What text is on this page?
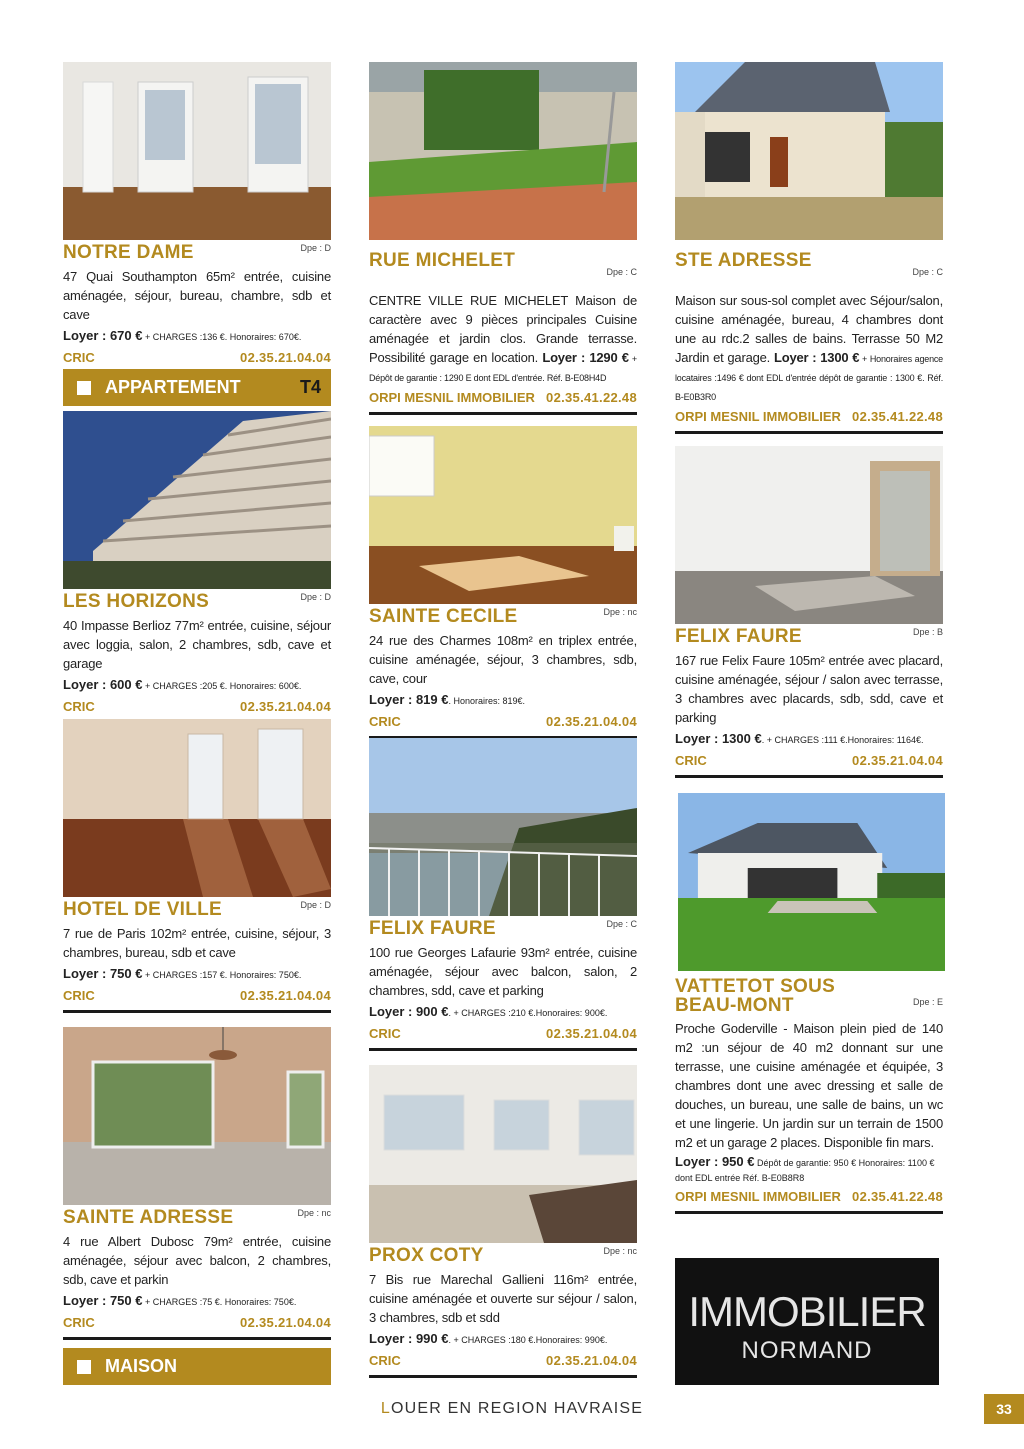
NOTRE DAME	Dpe : D
47 Quai Southampton 65m² entrée, cuisine aménagée, séjour, bureau, chambre, sdb et cave
Loyer : 670 € + CHARGES :136 €. Honoraires: 670€.
CRIC	02.35.21.04.04
APPARTEMENT	T4
LES HORIZONS	Dpe : D
40 Impasse Berlioz 77m² entrée, cuisine, séjour avec loggia, salon, 2 chambres, sdb, cave et garage
Loyer : 600 € + CHARGES :205 €. Honoraires: 600€.
CRIC	02.35.21.04.04
HOTEL DE VILLE	Dpe : D
7 rue de Paris 102m² entrée, cuisine, séjour, 3 chambres, bureau, sdb et cave
Loyer : 750 € + CHARGES :157 €. Honoraires: 750€.
CRIC	02.35.21.04.04
SAINTE ADRESSE	Dpe : nc
4 rue Albert Dubosc 79m² entrée, cuisine aménagée, séjour avec balcon, 2 chambres, sdb, cave et parkin
Loyer : 750 € + CHARGES :75 €. Honoraires: 750€.
CRIC	02.35.21.04.04
MAISON
RUE MICHELET
Dpe : C
CENTRE VILLE RUE MICHELET Maison de caractère avec 9 pièces principales Cuisine aménagée et jardin clos. Grande terrasse. Possibilité garage en location. Loyer : 1290 € + Dépôt de garantie : 1290 E dont EDL d'entrée. Réf. B-E08H4D
ORPI MESNIL IMMOBILIER 02.35.41.22.48
SAINTE CECILE	Dpe : nc
24 rue des Charmes 108m² en triplex entrée, cuisine aménagée, séjour, 3 chambres, sdb, cave, cour
Loyer : 819 €. Honoraires: 819€.
CRIC	02.35.21.04.04
FELIX FAURE	Dpe : C
100 rue Georges Lafaurie 93m² entrée, cuisine aménagée, séjour avec balcon, salon, 2 chambres, sdd, cave et parking
Loyer : 900 €. + CHARGES :210 €.Honoraires: 900€.
CRIC	02.35.21.04.04
PROX COTY	Dpe : nc
7 Bis rue Marechal Gallieni 116m² entrée, cuisine aménagée et ouverte sur séjour / salon, 3 chambres, sdb et sdd
Loyer : 990 €. + CHARGES :180 €.Honoraires: 990€.
CRIC	02.35.21.04.04
STE ADRESSE
Dpe : C
Maison sur sous-sol complet avec Séjour/salon, cuisine aménagée, bureau, 4 chambres dont une au rdc.2 salles de bains. Terrasse 50 M2 Jardin et garage. Loyer : 1300 € + Honoraires agence locataires :1496 € dont EDL d'entrée dépôt de garantie : 1300 €. Réf. B-E0B3R0
ORPI MESNIL IMMOBILIER 02.35.41.22.48
FELIX FAURE	Dpe : B
167 rue Felix Faure 105m² entrée avec placard, cuisine aménagée, séjour / salon avec terrasse, 3 chambres avec placards, sdb, sdd, cave et parking
Loyer : 1300 €. + CHARGES :111 €.Honoraires: 1164€.
CRIC	02.35.21.04.04
VATTETOT SOUS BEAU-MONT	Dpe : E
Proche Goderville - Maison plein pied de 140 m2 :un séjour de 40 m2 donnant sur une terrasse, une cuisine aménagée et équipée, 3 chambres dont une avec dressing et salle de douches, un bureau, une salle de bains, un wc et une lingerie. Un jardin sur un terrain de 1500 m2 et un garage 2 places. Disponible fin mars.
Loyer : 950 € Dépôt de garantie: 950 € Honoraires: 1100 € dont EDL entrée Réf. B-E0B8R8
ORPI MESNIL IMMOBILIER 02.35.41.22.48
IMMOBILIER
NORMAND
LOUER EN REGION HAVRAISE	33
